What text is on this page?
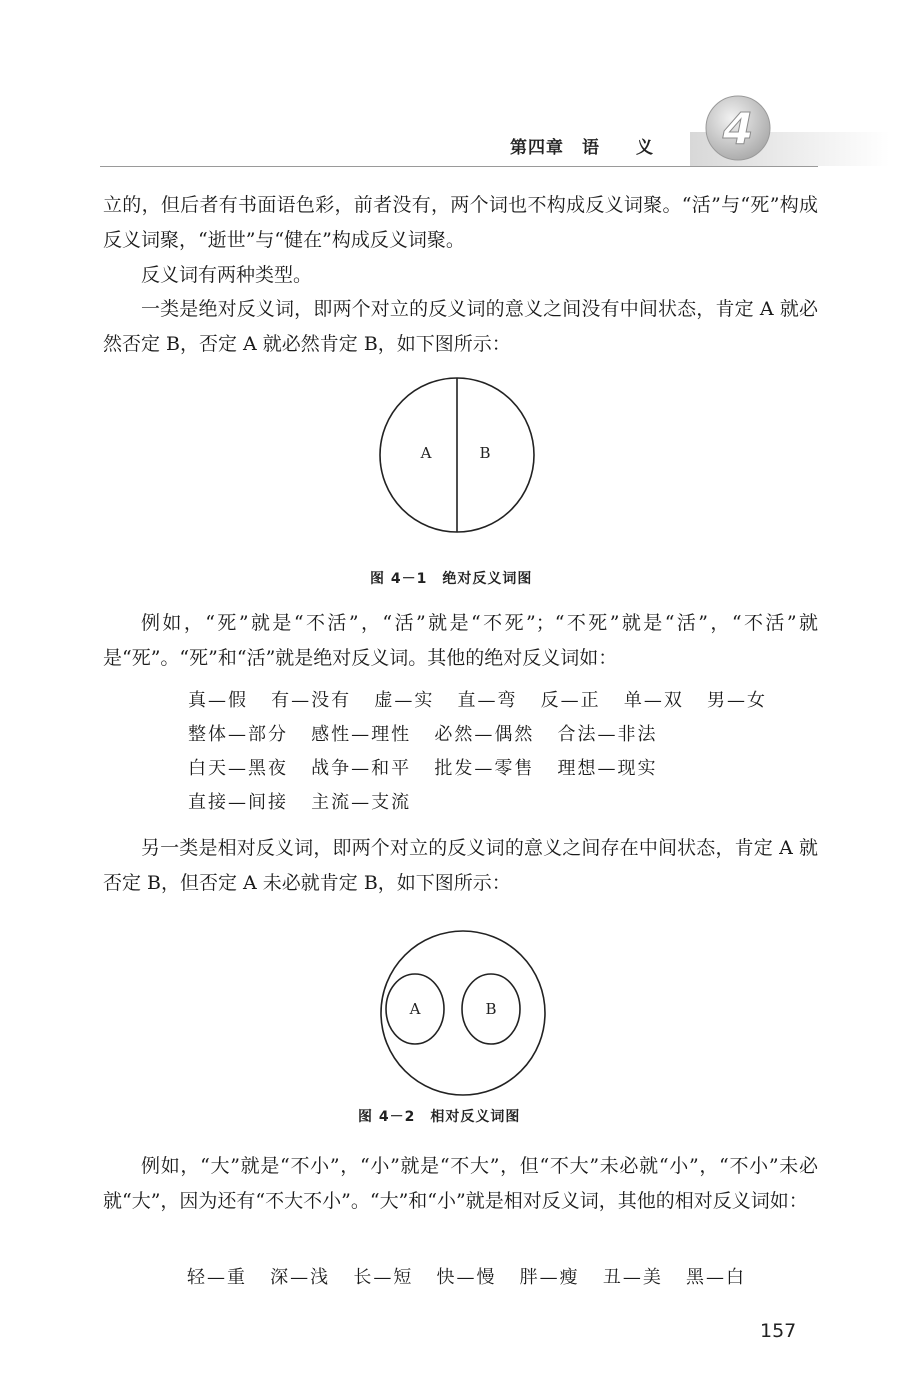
第四章 语 义 4

立的，但后者有书面语色彩，前者没有，两个词也不构成反义词聚。“活”与“死”构成反义词聚，“逝世”与“健在”构成反义词聚。

反义词有两种类型。

一类是绝对反义词，即两个对立的反义词的意义之间没有中间状态，肯定 A 就必然否定 B，否定 A 就必然肯定 B，如下图所示：

A	B
图 4－1　绝对反义词图

例如，“死”就是“不活”，“活”就是“不死”；“不死”就是“活”，“不活”就是“死”。“死”和“活”就是绝对反义词。其他的绝对反义词如：

真—假   有—没有   虚—实   直—弯   反—正   单—双   男—女

整体—部分   感性—理性   必然—偶然   合法—非法

白天—黑夜   战争—和平   批发—零售   理想—现实

直接—间接   主流—支流

另一类是相对反义词，即两个对立的反义词的意义之间存在中间状态，肯定 A 就否定 B，但否定 A 未必就肯定 B，如下图所示：

A	B
图 4－2　相对反义词图

例如，“大”就是“不小”，“小”就是“不大”，但“不大”未必就“小”，“不小”未必就“大”，因为还有“不大不小”。“大”和“小”就是相对反义词，其他的相对反义词如：

轻—重   深—浅   长—短   快—慢   胖—瘦   丑—美   黑—白

157
